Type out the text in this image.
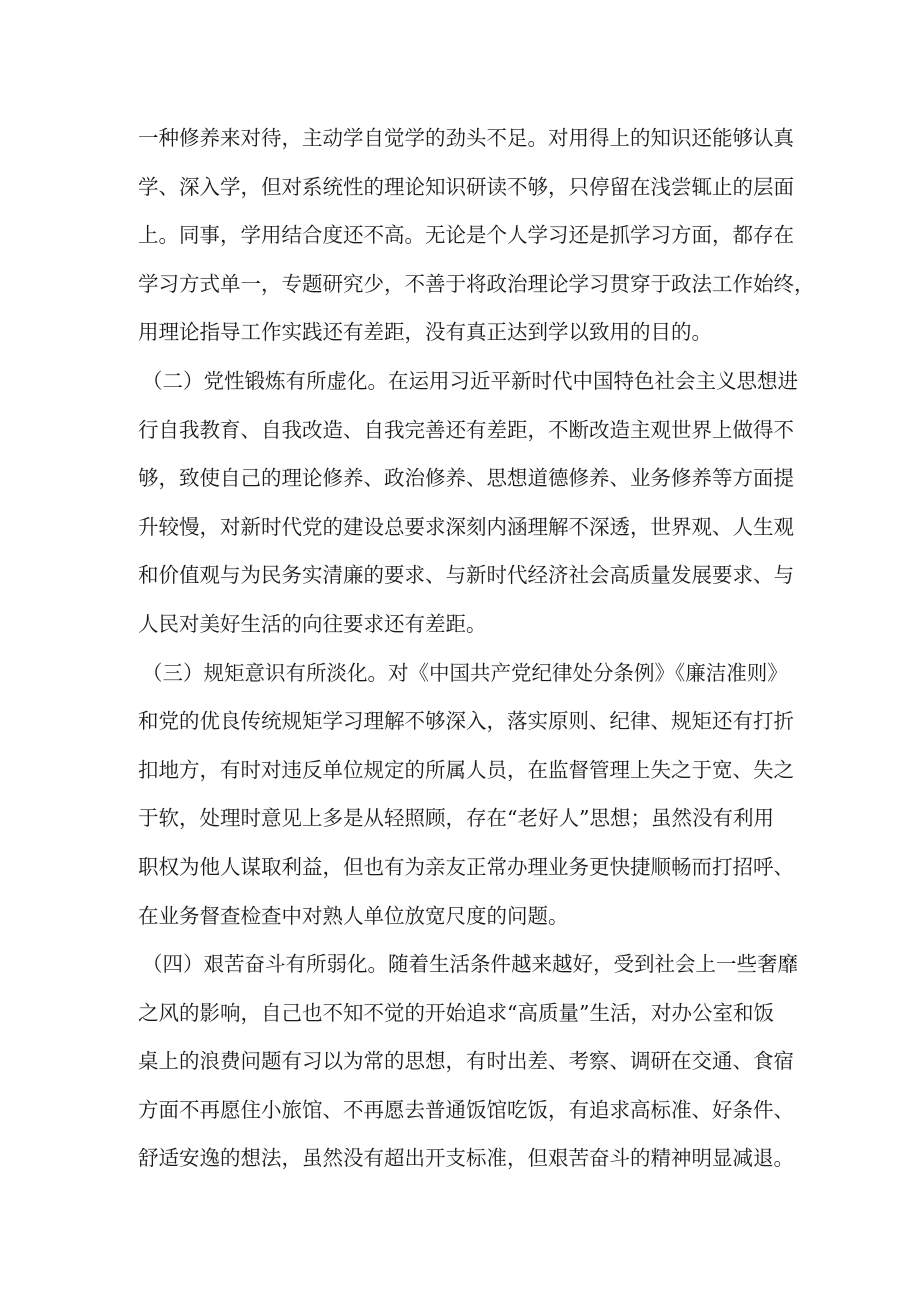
一种修养来对待，主动学自觉学的劲头不足。对用得上的知识还能够认真
学、深入学，但对系统性的理论知识研读不够，只停留在浅尝辄止的层面
上。同事，学用结合度还不高。无论是个人学习还是抓学习方面，都存在
学习方式单一，专题研究少，不善于将政治理论学习贯穿于政法工作始终，
用理论指导工作实践还有差距，没有真正达到学以致用的目的。
（二）党性锻炼有所虚化。在运用习近平新时代中国特色社会主义思想进
行自我教育、自我改造、自我完善还有差距，不断改造主观世界上做得不
够，致使自己的理论修养、政治修养、思想道德修养、业务修养等方面提
升较慢，对新时代党的建设总要求深刻内涵理解不深透，世界观、人生观
和价值观与为民务实清廉的要求、与新时代经济社会高质量发展要求、与
人民对美好生活的向往要求还有差距。
（三）规矩意识有所淡化。对《中国共产党纪律处分条例》《廉洁准则》
和党的优良传统规矩学习理解不够深入，落实原则、纪律、规矩还有打折
扣地方，有时对违反单位规定的所属人员，在监督管理上失之于宽、失之
于软，处理时意见上多是从轻照顾，存在“老好人”思想；虽然没有利用
职权为他人谋取利益，但也有为亲友正常办理业务更快捷顺畅而打招呼、
在业务督查检查中对熟人单位放宽尺度的问题。
（四）艰苦奋斗有所弱化。随着生活条件越来越好，受到社会上一些奢靡
之风的影响，自己也不知不觉的开始追求“高质量”生活，对办公室和饭
桌上的浪费问题有习以为常的思想，有时出差、考察、调研在交通、食宿
方面不再愿住小旅馆、不再愿去普通饭馆吃饭，有追求高标准、好条件、
舒适安逸的想法，虽然没有超出开支标准，但艰苦奋斗的精神明显减退。
